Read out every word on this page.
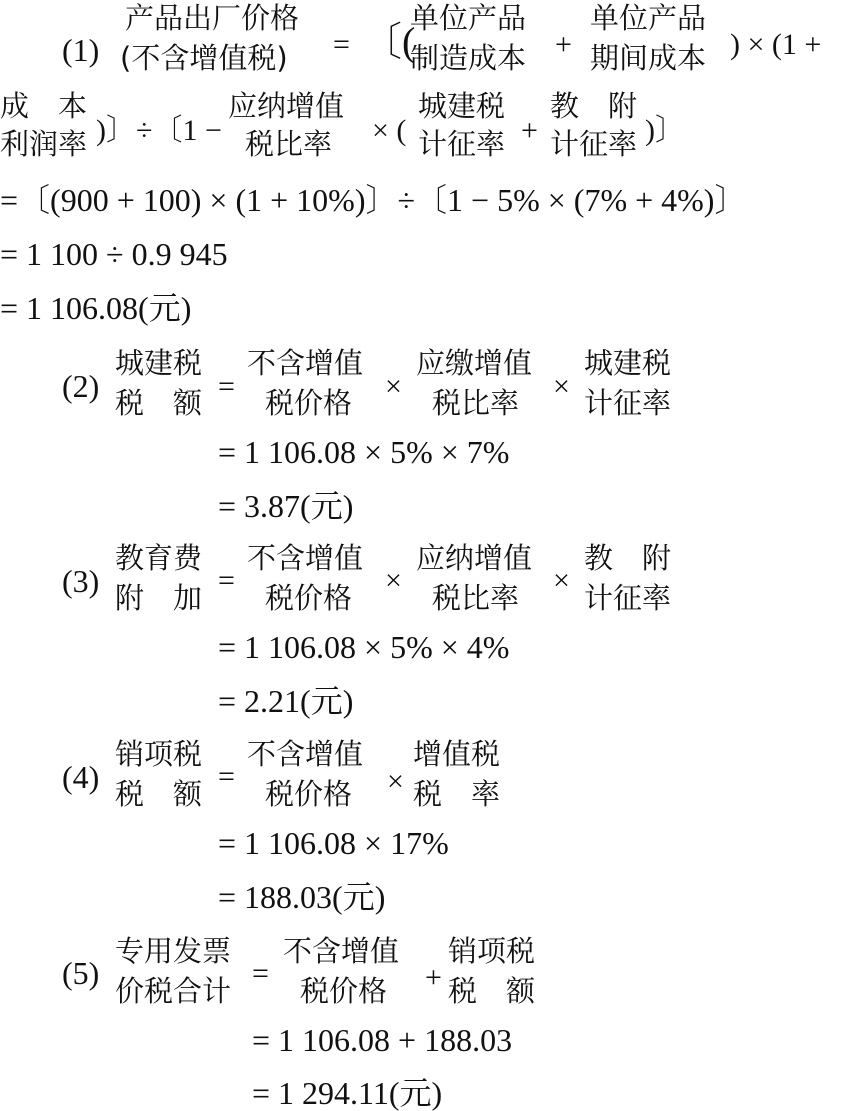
(1)
产品出厂价格
(不含增值税) = 〔(
单位产品
制造成本 +
单位产品
期间成本 ) × (1 +
成　本
利润率 )〕÷〔1 −
应纳增值
税比率 × (
城建税
计征率 +
教　附
计征率 )〕
=〔(900 + 100) × (1 + 10%)〕÷〔1 − 5% × (7% + 4%)〕
= 1 100 ÷ 0.9 945
= 1 106.08(元)
(2)
城建税
税　额 =
不含增值
税价格 ×
应缴增值
税比率 ×
城建税
计征率
= 1 106.08 × 5% × 7%
= 3.87(元)
(3)
教育费
附　加
=
不含增值
税价格
×
应纳增值
税比率
×
教　附
计征率
= 1 106.08 × 5% × 4%
= 2.21(元)
(4)
销项税
税　额
=
不含增值
税价格 ×
增值税
税　率
= 1 106.08 × 17%
= 188.03(元)
(5)
专用发票
价税合计
=
不含增值
税价格 +
销项税
税　额
= 1 106.08 + 188.03
= 1 294.11(元)
